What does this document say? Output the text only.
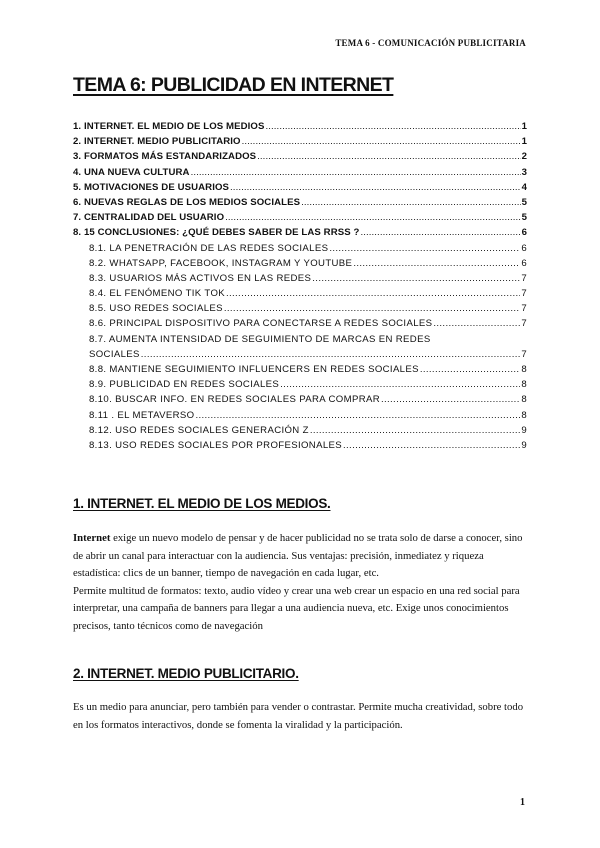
TEMA 6 - COMUNICACIÓN PUBLICITARIA
TEMA 6: PUBLICIDAD EN INTERNET
1. INTERNET. EL MEDIO DE LOS MEDIOS .....	1
2. INTERNET. MEDIO PUBLICITARIO .....	1
3. FORMATOS MÁS ESTANDARIZADOS .....	2
4. UNA NUEVA CULTURA .....	3
5. MOTIVACIONES DE USUARIOS .....	4
6. NUEVAS REGLAS DE LOS MEDIOS SOCIALES .....	5
7. CENTRALIDAD DEL USUARIO .....	5
8. 15 CONCLUSIONES: ¿QUÉ DEBES SABER DE LAS RRSS ? .....	6
8.1. LA PENETRACIÓN DE LAS REDES SOCIALES .....	6
8.2. WHATSAPP, FACEBOOK, INSTAGRAM Y YOUTUBE .....	6
8.3. USUARIOS MÁS ACTIVOS EN LAS REDES .....	7
8.4. EL FENÓMENO TIK TOK .....	7
8.5. USO REDES SOCIALES .....	7
8.6. PRINCIPAL DISPOSITIVO PARA CONECTARSE A REDES SOCIALES .....	7
8.7. AUMENTA INTENSIDAD DE SEGUIMIENTO DE MARCAS EN REDES
SOCIALES .....	7
8.8. MANTIENE SEGUIMIENTO INFLUENCERS EN REDES SOCIALES .....	8
8.9. PUBLICIDAD EN REDES SOCIALES .....	8
8.10. BUSCAR INFO. EN REDES SOCIALES PARA COMPRAR .....	8
8.11 . EL METAVERSO .....	8
8.12. USO REDES SOCIALES GENERACIÓN Z .....	9
8.13. USO REDES SOCIALES POR PROFESIONALES .....	9
1. INTERNET. EL MEDIO DE LOS MEDIOS.

Internet exige un nuevo modelo de pensar y de hacer publicidad no se trata solo de darse a conocer, sino de abrir un canal para interactuar con la audiencia. Sus ventajas: precisión, inmediatez y riqueza estadística: clics de un banner, tiempo de navegación en cada lugar, etc.

Permite multitud de formatos: texto, audio vídeo y crear una web crear un espacio en una red social para interpretar, una campaña de banners para llegar a una audiencia nueva, etc. Exige unos conocimientos precisos, tanto técnicos como de navegación

2. INTERNET. MEDIO PUBLICITARIO.

Es un medio para anunciar, pero también para vender o contrastar. Permite mucha creatividad, sobre todo en los formatos interactivos, donde se fomenta la viralidad y la participación.

1
